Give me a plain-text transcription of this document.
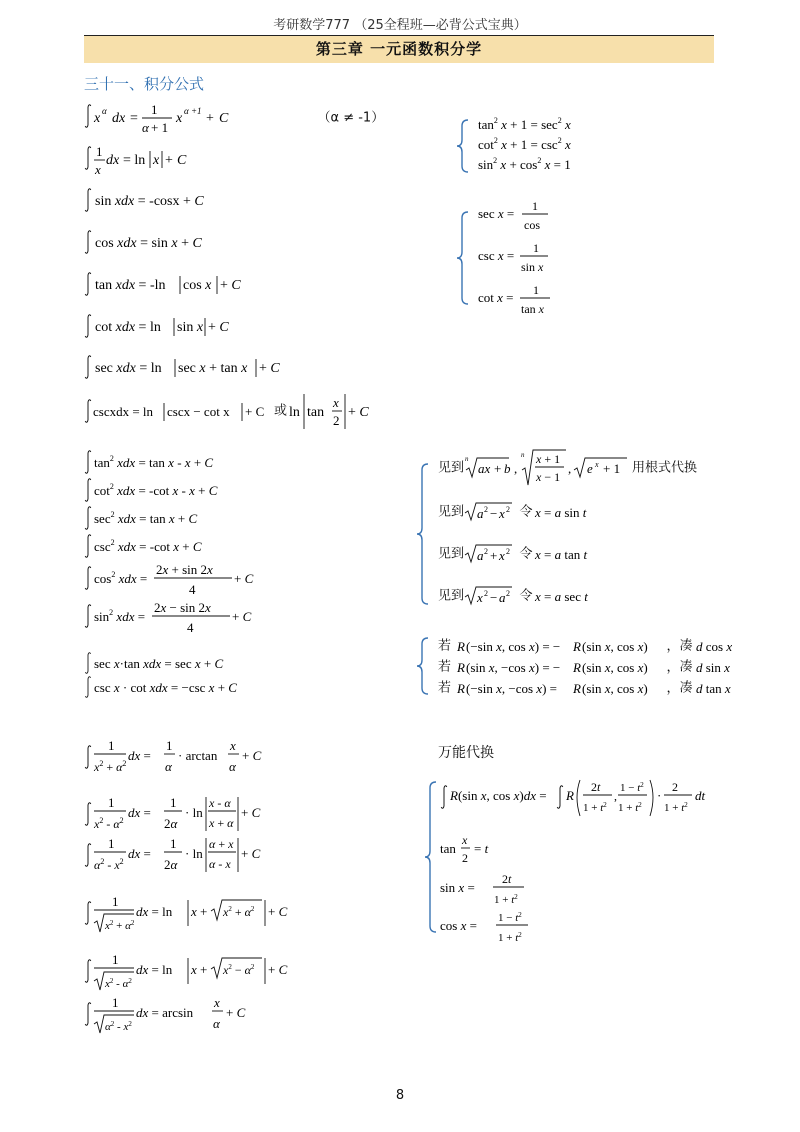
考研数学777 （25全程班—必背公式宝典）
第三章 一元函数积分学
三十一、积分公式
x α dx =
1
α + 1
x α +1 + C	（α ≠ -1）
1
x
dx = ln x + C
sin xdx = -cosx + C
cos xdx = sin x + C
tan xdx = -ln cos x + C
cot xdx = ln sin x + C
sec xdx = ln sec x + tan x + C
cscxdx = ln cscx − cot x + C 或 ln tan
x
2
+ C
$\tan^2 x + 1 = \sec^2 x$
$\cot^2 x + 1 = \csc^2 x$
$\sin^2 x + \cos^2 x = 1$
sec x = 1
cos
csc x = 1
sin x
cot x = 1
tan x
$\tan^2$ xdx = tan x - x + C
$\cot^2$ xdx = -cot x - x + C
$\sec^2$ xdx = tan x + C
$\csc^2$ xdx = -cot x + C
$\cos^2$ xdx =
2x + sin 2x
4
+ C
$\sin^2$ xdx =
2x − sin 2x
4
+ C
sec x·tan xdx = sec x + C
csc x · cot xdx = −csc x + C
见到
n
ax + b ,
n x + 1
x − 1
, e x + 1 用根式代换
见到 a 2 − x 2 令 x = a sin t
见到 a 2 + x 2 令 x = a tan t
见到 x 2 − a 2 令 x = a sec t
若 R (−sin x, cos x) = − R (sin x, cos x) ，凑 d cos x
若 R (sin x, −cos x) = − R (sin x, cos x) ，凑 d sin x
若 R (−sin x, −cos x) = R (sin x, cos x) ，凑 d tan x
1
$x^2 + \alpha^2$
dx =
1
α
· arctan
x
α
+ C
1
$x^2 - \alpha^2$
dx =
1
2α
· ln
x - α
x + α
+ C
1
$\alpha^2 - x^2$
dx =
1
2α
· ln
α + x
α - x
+ C
1
$x^2 + \alpha^2$
dx = $\ln x + x^2 + \alpha^2 + C$
1
$x^2 - \alpha^2$
dx = $\ln x + x^2 - \alpha^2 + C$
1
$\alpha^2 - x^2$
dx = arcsin
x
α
+ C
万能代换
R(sin x, cos x)dx = R
2t
$1 + t^2$
,
$1 - t^2$
$1 + t^2$
·
2
$1 + t^2$
dt
tan
x
2
= t
sin x =
2t
$1 + t^2$
$\cos x = 1 - t^2$
$1 + t^2$
8
